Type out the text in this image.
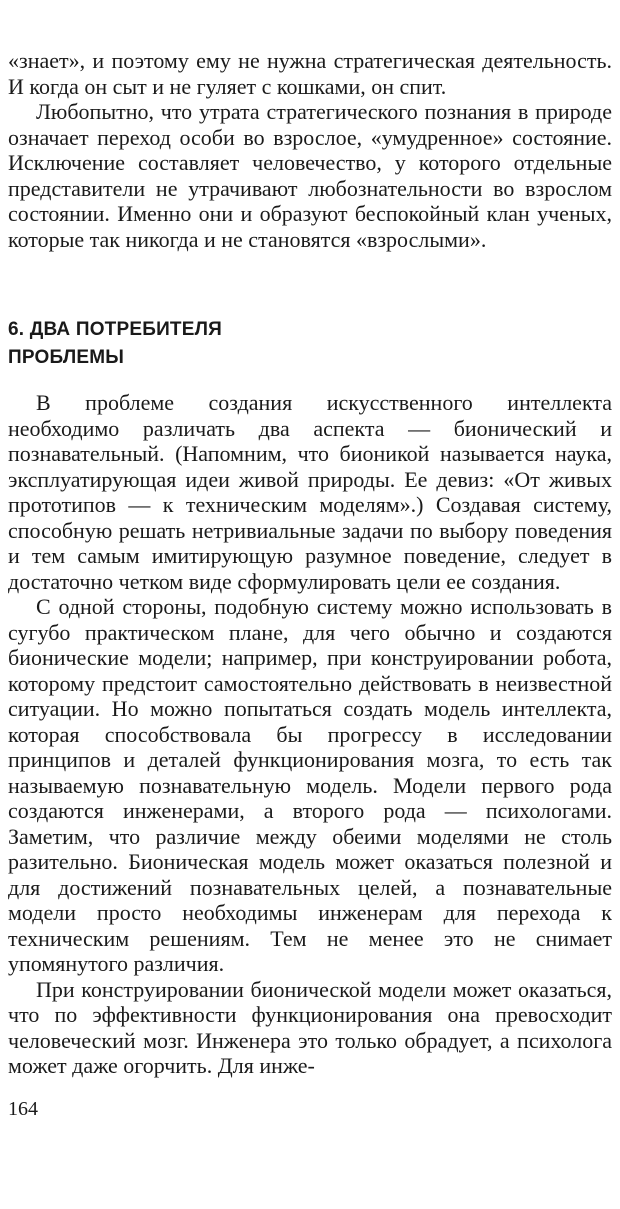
«знает», и поэтому ему не нужна стратегическая деятельность. И когда он сыт и не гуляет с кошками, он спит.

Любопытно, что утрата стратегического познания в природе означает переход особи во взрослое, «умудренное» состояние. Исключение составляет человечество, у которого отдельные представители не утрачивают любознательности во взрослом состоянии. Именно они и образуют беспокойный клан ученых, которые так никогда и не становятся «взрослыми».

6. ДВА ПОТРЕБИТЕЛЯ
ПРОБЛЕМЫ

В проблеме создания искусственного интеллекта необходимо различать два аспекта — бионический и познавательный. (Напомним, что бионикой называется наука, эксплуатирующая идеи живой природы. Ее девиз: «От живых прототипов — к техническим моделям».) Создавая систему, способную решать нетривиальные задачи по выбору поведения и тем самым имитирующую разумное поведение, следует в достаточно четком виде сформулировать цели ее создания.

С одной стороны, подобную систему можно использовать в сугубо практическом плане, для чего обычно и создаются бионические модели; например, при конструировании робота, которому предстоит самостоятельно действовать в неизвестной ситуации. Но можно попытаться создать модель интеллекта, которая способствовала бы прогрессу в исследовании принципов и деталей функционирования мозга, то есть так называемую познавательную модель. Модели первого рода создаются инженерами, а второго рода — психологами. Заметим, что различие между обеими моделями не столь разительно. Бионическая модель может оказаться полезной и для достижений познавательных целей, а познавательные модели просто необходимы инженерам для перехода к техническим решениям. Тем не менее это не снимает упомянутого различия.

При конструировании бионической модели может оказаться, что по эффективности функционирования она превосходит человеческий мозг. Инженера это только обрадует, а психолога может даже огорчить. Для инже-

164
